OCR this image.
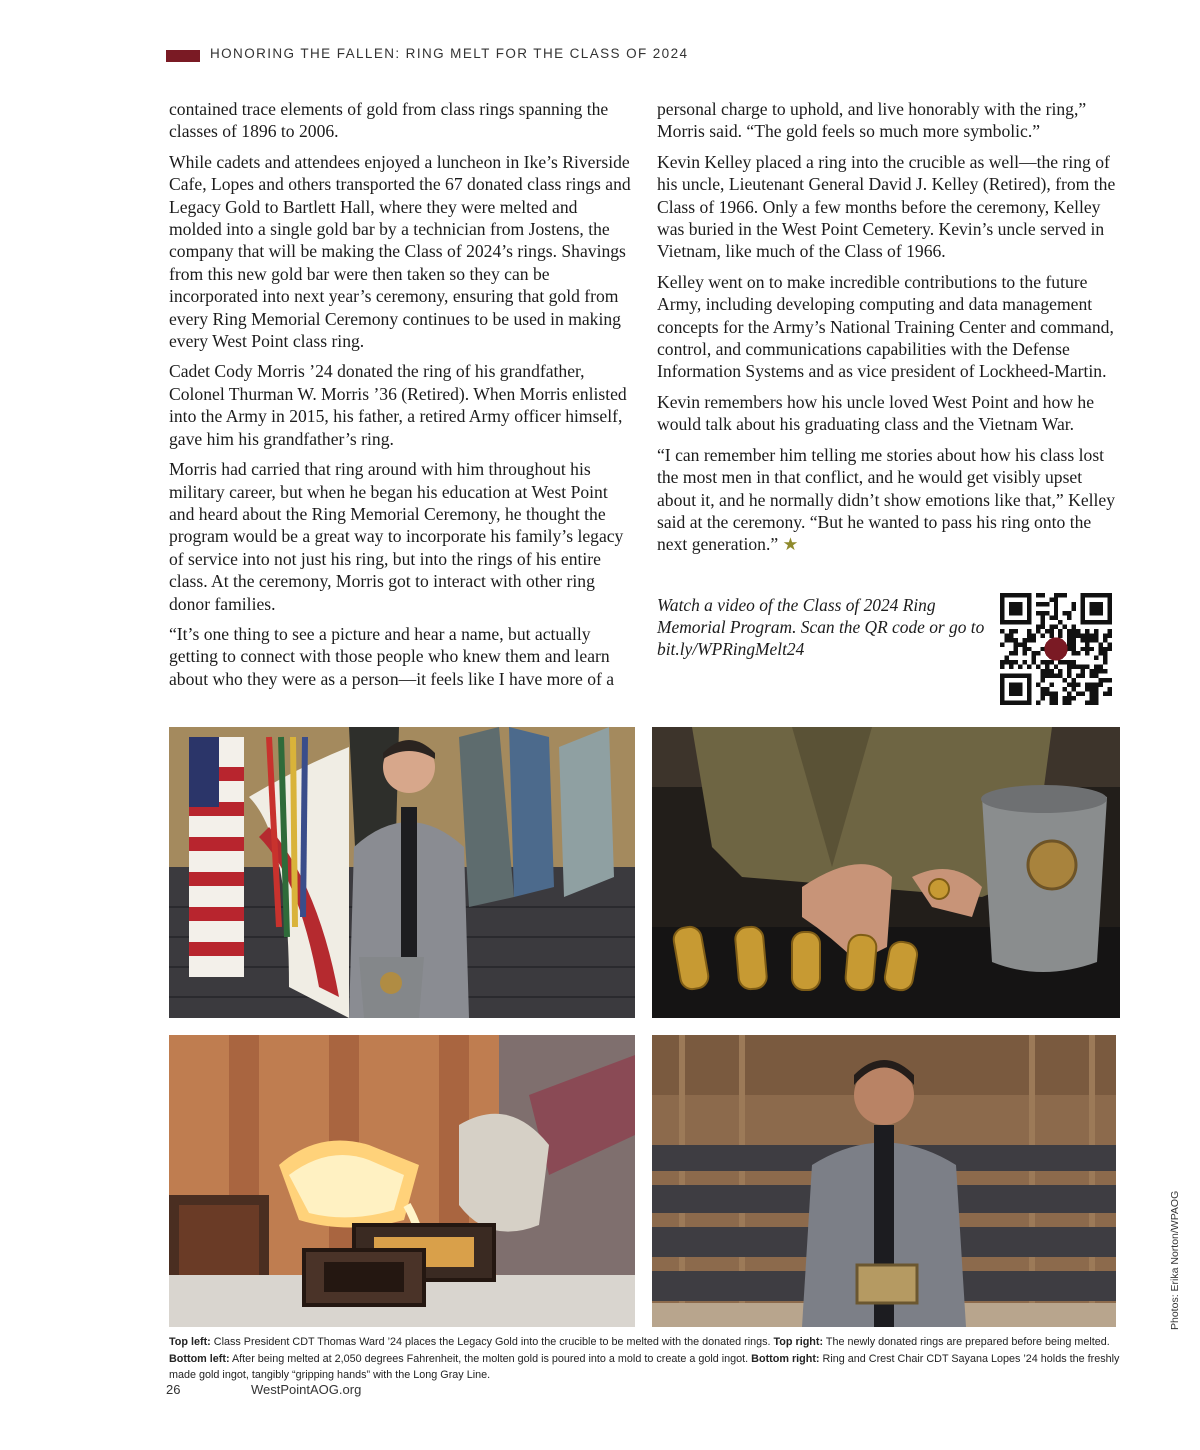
HONORING THE FALLEN: RING MELT FOR THE CLASS OF 2024

contained trace elements of gold from class rings spanning the classes of 1896 to 2006.

While cadets and attendees enjoyed a luncheon in Ike’s Riverside Cafe, Lopes and others transported the 67 donated class rings and Legacy Gold to Bartlett Hall, where they were melted and molded into a single gold bar by a technician from Jostens, the company that will be making the Class of 2024’s rings. Shavings from this new gold bar were then taken so they can be incorporated into next year’s ceremony, ensuring that gold from every Ring Memorial Ceremony continues to be used in making every West Point class ring.

Cadet Cody Morris ’24 donated the ring of his grandfather, Colonel Thurman W. Morris ’36 (Retired). When Morris enlisted into the Army in 2015, his father, a retired Army officer himself, gave him his grandfather’s ring.

Morris had carried that ring around with him throughout his military career, but when he began his education at West Point and heard about the Ring Memorial Ceremony, he thought the program would be a great way to incorporate his family’s legacy of service into not just his ring, but into the rings of his entire class. At the ceremony, Morris got to interact with other ring donor families.

“It’s one thing to see a picture and hear a name, but actually getting to connect with those people who knew them and learn about who they were as a person—it feels like I have more of a

personal charge to uphold, and live honorably with the ring,” Morris said. “The gold feels so much more symbolic.”

Kevin Kelley placed a ring into the crucible as well—the ring of his uncle, Lieutenant General David J. Kelley (Retired), from the Class of 1966. Only a few months before the ceremony, Kelley was buried in the West Point Cemetery. Kevin’s uncle served in Vietnam, like much of the Class of 1966.

Kelley went on to make incredible contributions to the future Army, including developing computing and data management concepts for the Army’s National Training Center and command, control, and communications capabilities with the Defense Information Systems and as vice president of Lockheed-Martin.

Kevin remembers how his uncle loved West Point and how he would talk about his graduating class and the Vietnam War.

“I can remember him telling me stories about how his class lost the most men in that conflict, and he would get visibly upset about it, and he normally didn’t show emotions like that,” Kelley said at the ceremony. “But he wanted to pass his ring onto the next generation.” ★

Watch a video of the Class of 2024 Ring Memorial Program. Scan the QR code or go to bit.ly/WPRingMelt24
Top left: Class President CDT Thomas Ward ’24 places the Legacy Gold into the crucible to be melted with the donated rings. Top right: The newly donated rings are prepared before being melted. Bottom left: After being melted at 2,050 degrees Fahrenheit, the molten gold is poured into a mold to create a gold ingot. Bottom right: Ring and Crest Chair CDT Sayana Lopes ’24 holds the freshly made gold ingot, tangibly “gripping hands” with the Long Gray Line.
Photos: Erika Norton/WPAOG
26	WestPointAOG.org
